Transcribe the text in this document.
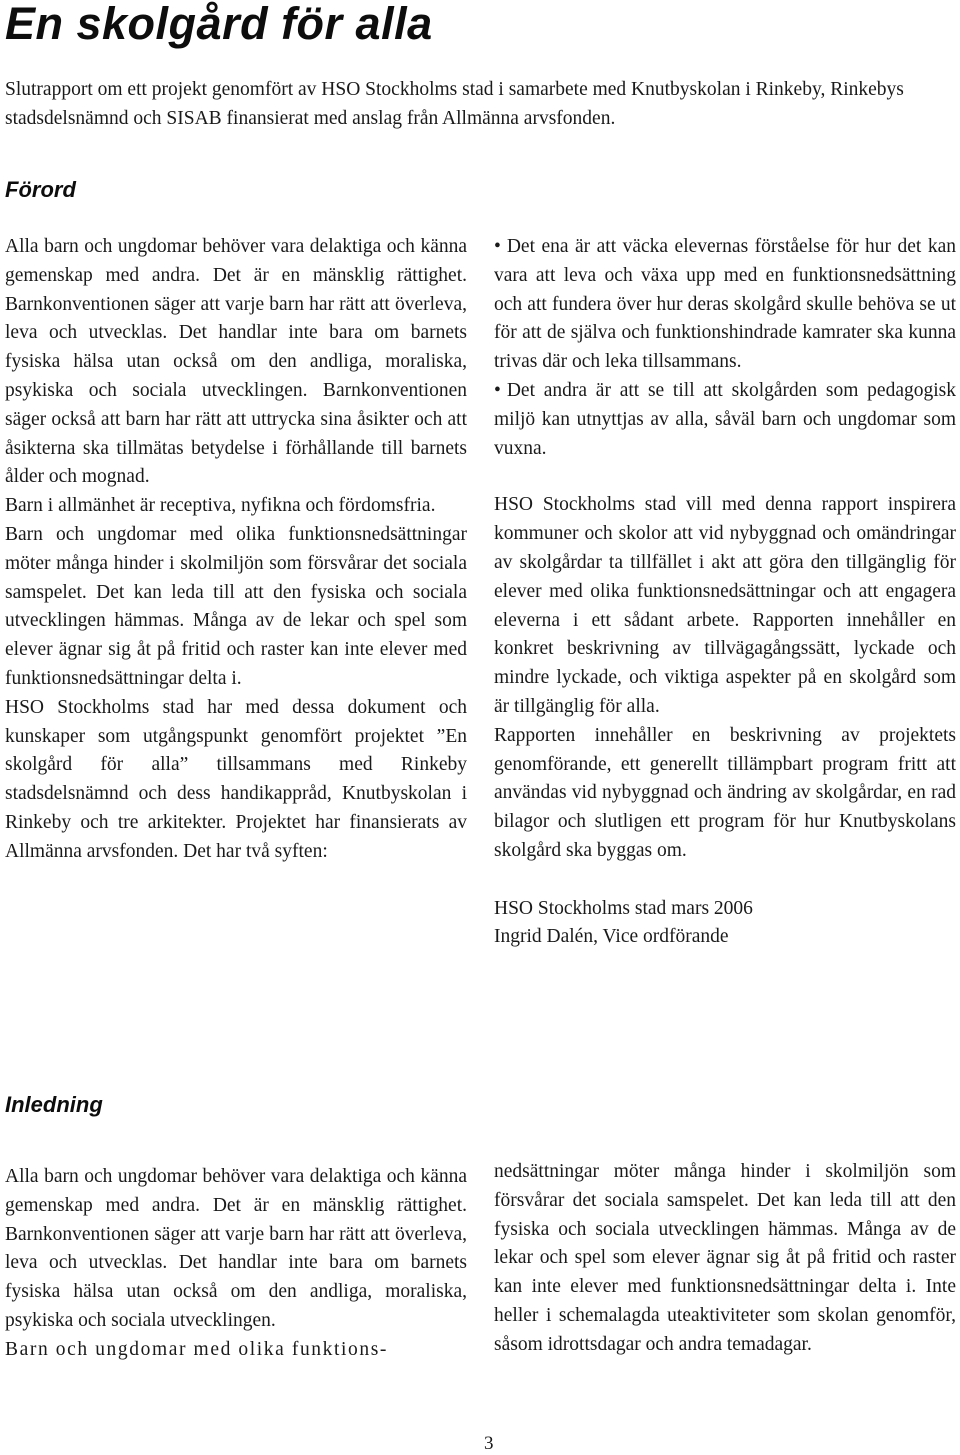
En skolgård för alla

Slutrapport om ett projekt genomfört av HSO Stockholms stad i samarbete med Knutbyskolan i Rinkeby, Rinkebys stadsdelsnämnd och SISAB finansierat med anslag från Allmänna arvsfonden.

Förord

Alla barn och ungdomar behöver vara delaktiga och känna gemenskap med andra. Det är en mänsklig rättighet. Barnkonventionen säger att varje barn har rätt att överleva, leva och utvecklas. Det handlar inte bara om barnets fysiska hälsa utan också om den andliga, moraliska, psykiska och sociala utvecklingen. Barnkonventionen säger också att barn har rätt att uttrycka sina åsikter och att åsikterna ska tillmätas betydelse i förhållande till barnets ålder och mognad.

Barn i allmänhet är receptiva, nyfikna och fördomsfria.

Barn och ungdomar med olika funktionsnedsättningar möter många hinder i skolmiljön som försvårar det sociala samspelet. Det kan leda till att den fysiska och sociala utvecklingen hämmas. Många av de lekar och spel som elever ägnar sig åt på fritid och raster kan inte elever med funktionsnedsättningar delta i.

HSO Stockholms stad har med dessa dokument och kunskaper som utgångspunkt genomfört projektet ”En skolgård för alla” tillsammans med Rinkeby stadsdelsnämnd och dess handikappråd, Knutbyskolan i Rinkeby och tre arkitekter. Projektet har finansierats av Allmänna arvsfonden. Det har två syften:

• Det ena är att väcka elevernas förståelse för hur det kan vara att leva och växa upp med en funktionsnedsättning och att fundera över hur deras skolgård skulle behöva se ut för att de själva och funktionshindrade kamrater ska kunna trivas där och leka tillsammans.
• Det andra är att se till att skolgården som pedagogisk miljö kan utnyttjas av alla, såväl barn och ungdomar som vuxna.

HSO Stockholms stad vill med denna rapport inspirera kommuner och skolor att vid nybyggnad och omändringar av skolgårdar ta tillfället i akt att göra den tillgänglig för elever med olika funktionsnedsättningar och att engagera eleverna i ett sådant arbete. Rapporten innehåller en konkret beskrivning av tillvägagångssätt, lyckade och mindre lyckade, och viktiga aspekter på en skolgård som är tillgänglig för alla.

Rapporten innehåller en beskrivning av projektets genomförande, ett generellt tillämpbart program fritt att användas vid nybyggnad och ändring av skolgårdar, en rad bilagor och slutligen ett program för hur Knutbyskolans skolgård ska byggas om.

HSO Stockholms stad mars 2006

Ingrid Dalén, Vice ordförande

Inledning

Alla barn och ungdomar behöver vara delaktiga och känna gemenskap med andra. Det är en mänsklig rättighet. Barnkonventionen säger att varje barn har rätt att överleva, leva och utvecklas. Det handlar inte bara om barnets fysiska hälsa utan också om den andliga, moraliska, psykiska och sociala utvecklingen.

Barn och ungdomar med olika funktions-

nedsättningar möter många hinder i skolmiljön som försvårar det sociala samspelet. Det kan leda till att den fysiska och sociala utvecklingen hämmas. Många av de lekar och spel som elever ägnar sig åt på fritid och raster kan inte elever med funktionsnedsättningar delta i. Inte heller i schemalagda uteaktiviteter som skolan genomför, såsom idrottsdagar och andra temadagar.

3
